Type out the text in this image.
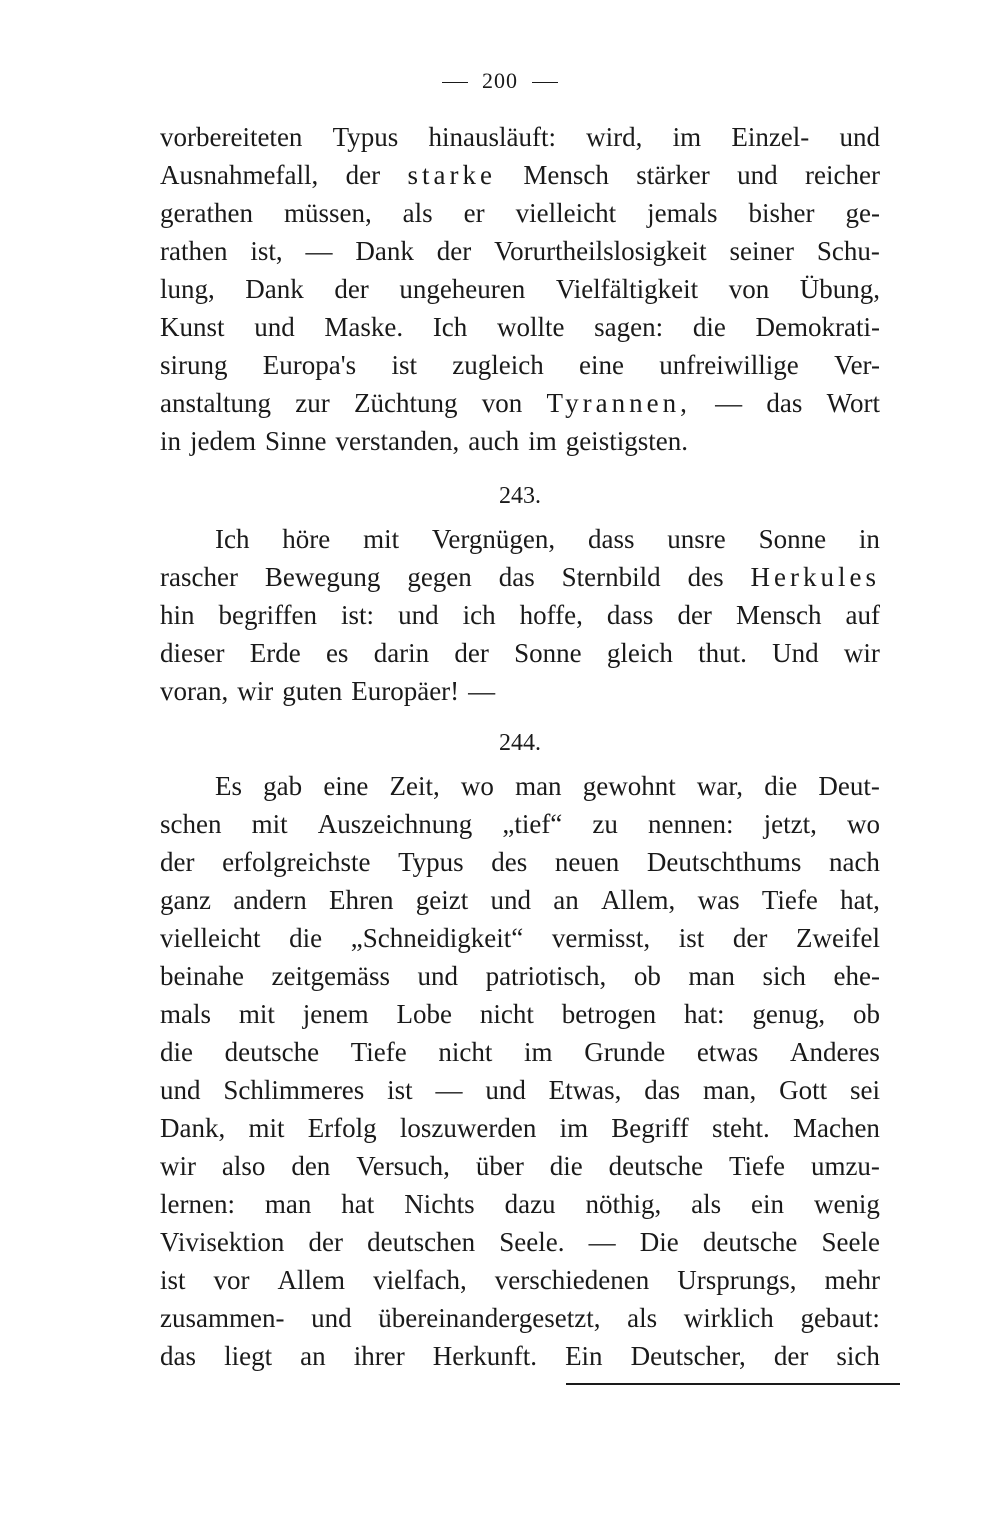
200
vorbereiteten Typus hinausläuft: wird, im Einzel- und
Ausnahmefall, der starke Mensch stärker und reicher
gerathen müssen, als er vielleicht jemals bisher ge-
rathen ist, — Dank der Vorurtheilslosigkeit seiner Schu-
lung, Dank der ungeheuren Vielfältigkeit von Übung,
Kunst und Maske. Ich wollte sagen: die Demokrati-
sirung Europa's ist zugleich eine unfreiwillige Ver-
anstaltung zur Züchtung von Tyrannen, — das Wort
in jedem Sinne verstanden, auch im geistigsten.
243.
Ich höre mit Vergnügen, dass unsre Sonne in
rascher Bewegung gegen das Sternbild des Herkules
hin begriffen ist: und ich hoffe, dass der Mensch auf
dieser Erde es darin der Sonne gleich thut. Und wir
voran, wir guten Europäer! —
244.
Es gab eine Zeit, wo man gewohnt war, die Deut-
schen mit Auszeichnung „tief“ zu nennen: jetzt, wo
der erfolgreichste Typus des neuen Deutschthums nach
ganz andern Ehren geizt und an Allem, was Tiefe hat,
vielleicht die „Schneidigkeit“ vermisst, ist der Zweifel
beinahe zeitgemäss und patriotisch, ob man sich ehe-
mals mit jenem Lobe nicht betrogen hat: genug, ob
die deutsche Tiefe nicht im Grunde etwas Anderes
und Schlimmeres ist — und Etwas, das man, Gott sei
Dank, mit Erfolg loszuwerden im Begriff steht. Machen
wir also den Versuch, über die deutsche Tiefe umzu-
lernen: man hat Nichts dazu nöthig, als ein wenig
Vivisektion der deutschen Seele. — Die deutsche Seele
ist vor Allem vielfach, verschiedenen Ursprungs, mehr
zusammen- und übereinandergesetzt, als wirklich gebaut:
das liegt an ihrer Herkunft. Ein Deutscher, der sich
